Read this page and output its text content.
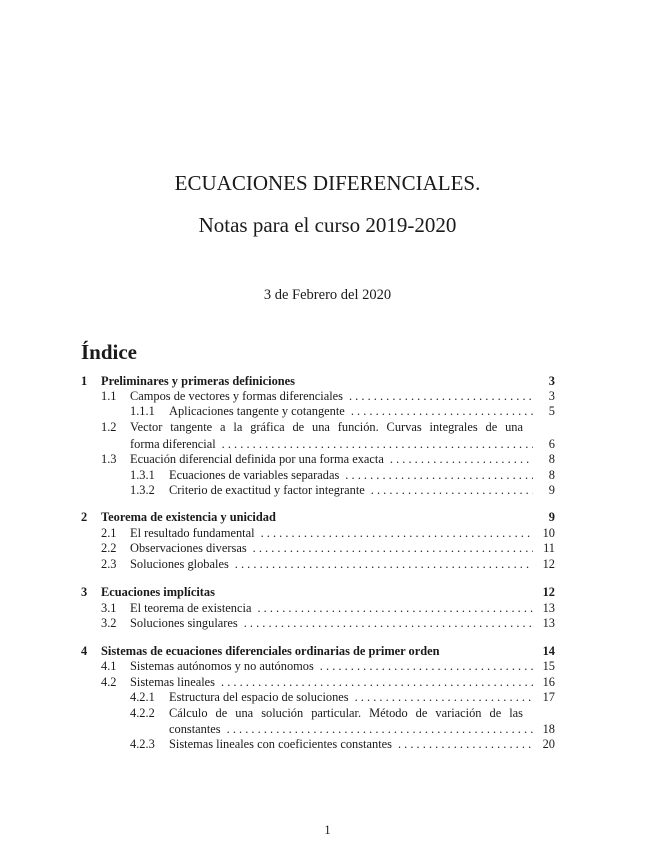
ECUACIONES DIFERENCIALES.
Notas para el curso 2019-2020
3 de Febrero del 2020
Índice
1 Preliminares y primeras definiciones	3
1.1 Campos de vectores y formas diferenciales . . .	3
1.1.1 Aplicaciones tangente y cotangente . . .	5
1.2 Vector tangente a la gráfica de una función. Curvas integrales de una
forma diferencial . . .	6
1.3 Ecuación diferencial definida por una forma exacta . . .	8
1.3.1 Ecuaciones de variables separadas . . .	8
1.3.2 Criterio de exactitud y factor integrante . . .	9
2 Teorema de existencia y unicidad	9
2.1 El resultado fundamental . . .	10
2.2 Observaciones diversas . . .	11
2.3 Soluciones globales . . .	12
3 Ecuaciones implícitas	12
3.1 El teorema de existencia . . .	13
3.2 Soluciones singulares . . .	13
4 Sistemas de ecuaciones diferenciales ordinarias de primer orden	14
4.1 Sistemas autónomos y no autónomos . . .	15
4.2 Sistemas lineales . . .	16
4.2.1 Estructura del espacio de soluciones . . .	17
4.2.2 Cálculo de una solución particular. Método de variación de las
constantes . . .	18
4.2.3 Sistemas lineales con coeficientes constantes . . .	20
1
